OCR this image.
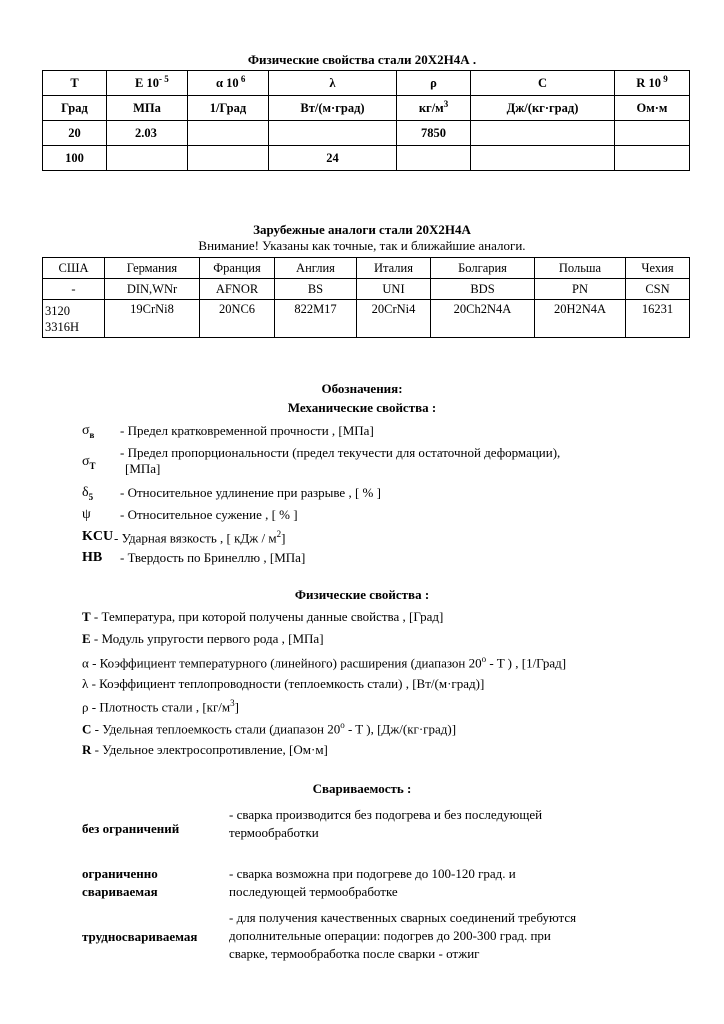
Физические свойства стали 20Х2Н4А .
T	E $10^{- 5}$	α 10 $^6$	λ	ρ	C	R 10 $^9$
Град	МПа	1/Град	Вт/(м·град)	$кг/м^3$	Дж/(кг·град)	Ом·м
20	2.03			7850		
100			24			
Зарубежные аналоги стали 20Х2Н4А
Внимание! Указаны как точные, так и ближайшие аналоги.
США	Германия	Франция	Англия	Италия	Болгария	Польша	Чехия
-	DIN,WNr	AFNOR	BS	UNI	BDS	PN	CSN

3120
3316H	19CrNi8	20NC6	822M17	20CrNi4	20Ch2N4A	20H2N4A	16231
Обозначения:
Механические свойства :
$\sigma_в$	- Предел кратковременной прочности , [МПа]
$\sigma_T$
- Предел пропорциональности (предел текучести для остаточной деформации),
[МПа]
$\delta_5$	- Относительное удлинение при разрыве , [ % ]
ψ	- Относительное сужение , [ % ]
KCU - Ударная вязкость , [ кДж / $м^2$]
HB	- Твердость по Бринеллю , [МПа]
Физические свойства :
T - Температура, при которой получены данные свойства , [Град]
E - Модуль упругости первого рода , [МПа]
α - Коэффициент температурного (линейного) расширения (диапазон 20$^o$ - T ) , [1/Град]
λ - Коэффициент теплопроводности (теплоемкость стали) , [Вт/(м·град)]
ρ - Плотность стали , $[кг/м^3]$
C - Удельная теплоемкость стали (диапазон 20$^o$ - T ), [Дж/(кг·град)]
R - Удельное электросопротивление, [Ом·м]
Свариваемость :
без ограничений
- сварка производится без подогрева и без последующей
термообработки
ограниченно
свариваемая
- сварка возможна при подогреве до 100-120 град. и
последующей термообработке
трудносвариваемая
- для получения качественных сварных соединений требуются
дополнительные операции: подогрев до 200-300 град. при
сварке, термообработка после сварки - отжиг
